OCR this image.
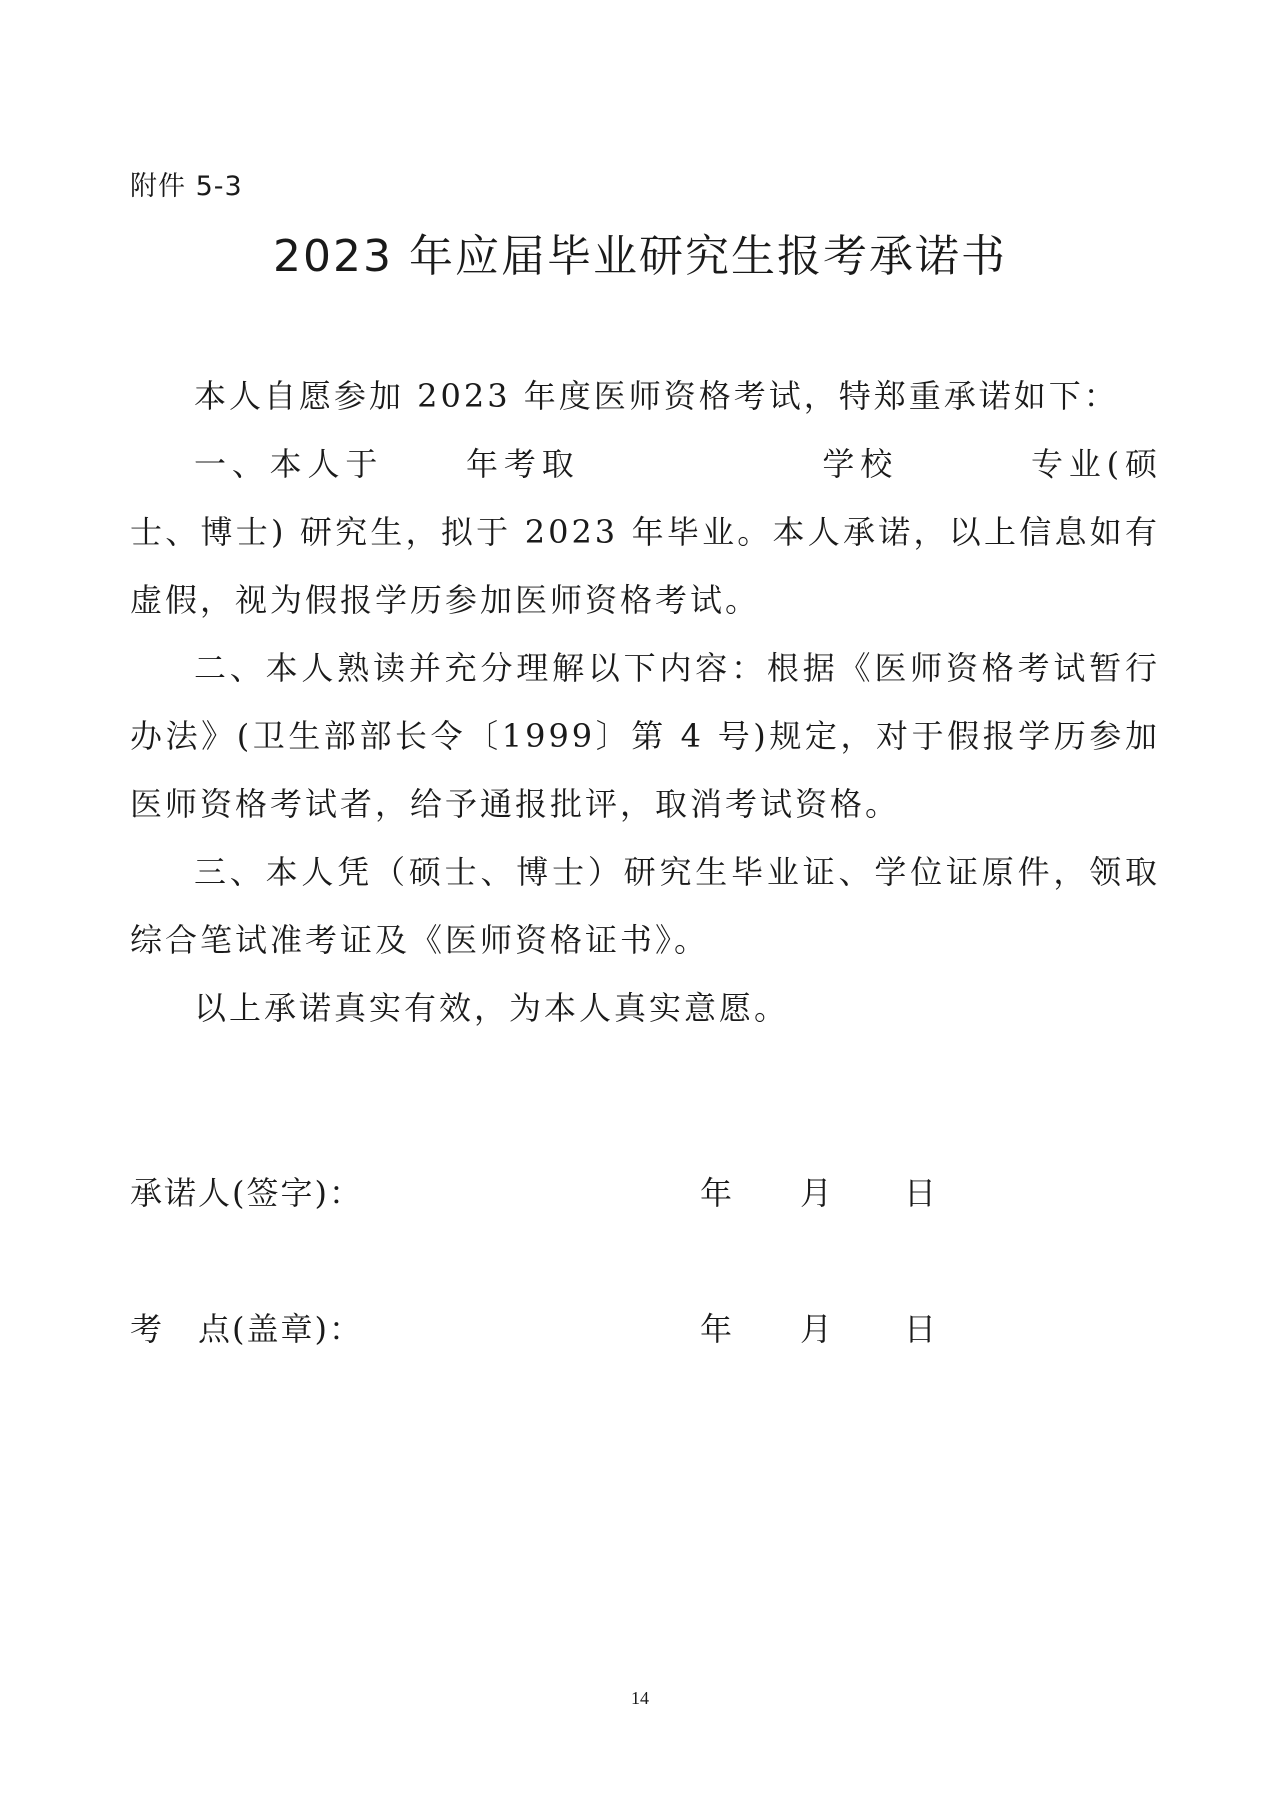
附件 5-3
2023 年应届毕业研究生报考承诺书

本人自愿参加 2023 年度医师资格考试，特郑重承诺如下：

一、本人于	年考取	学校	专业(硕士、博士) 研究生，拟于 2023 年毕业。本人承诺，以上信息如有虚假，视为假报学历参加医师资格考试。

二、本人熟读并充分理解以下内容：根据《医师资格考试暂行办法》(卫生部部长令〔1999〕第 4 号)规定，对于假报学历参加医师资格考试者，给予通报批评，取消考试资格。

三、本人凭（硕士、博士）研究生毕业证、学位证原件，领取综合笔试准考证及《医师资格证书》。

以上承诺真实有效，为本人真实意愿。

承诺人(签字)：	年 月 日
考　点(盖章)：	年 月 日
14
